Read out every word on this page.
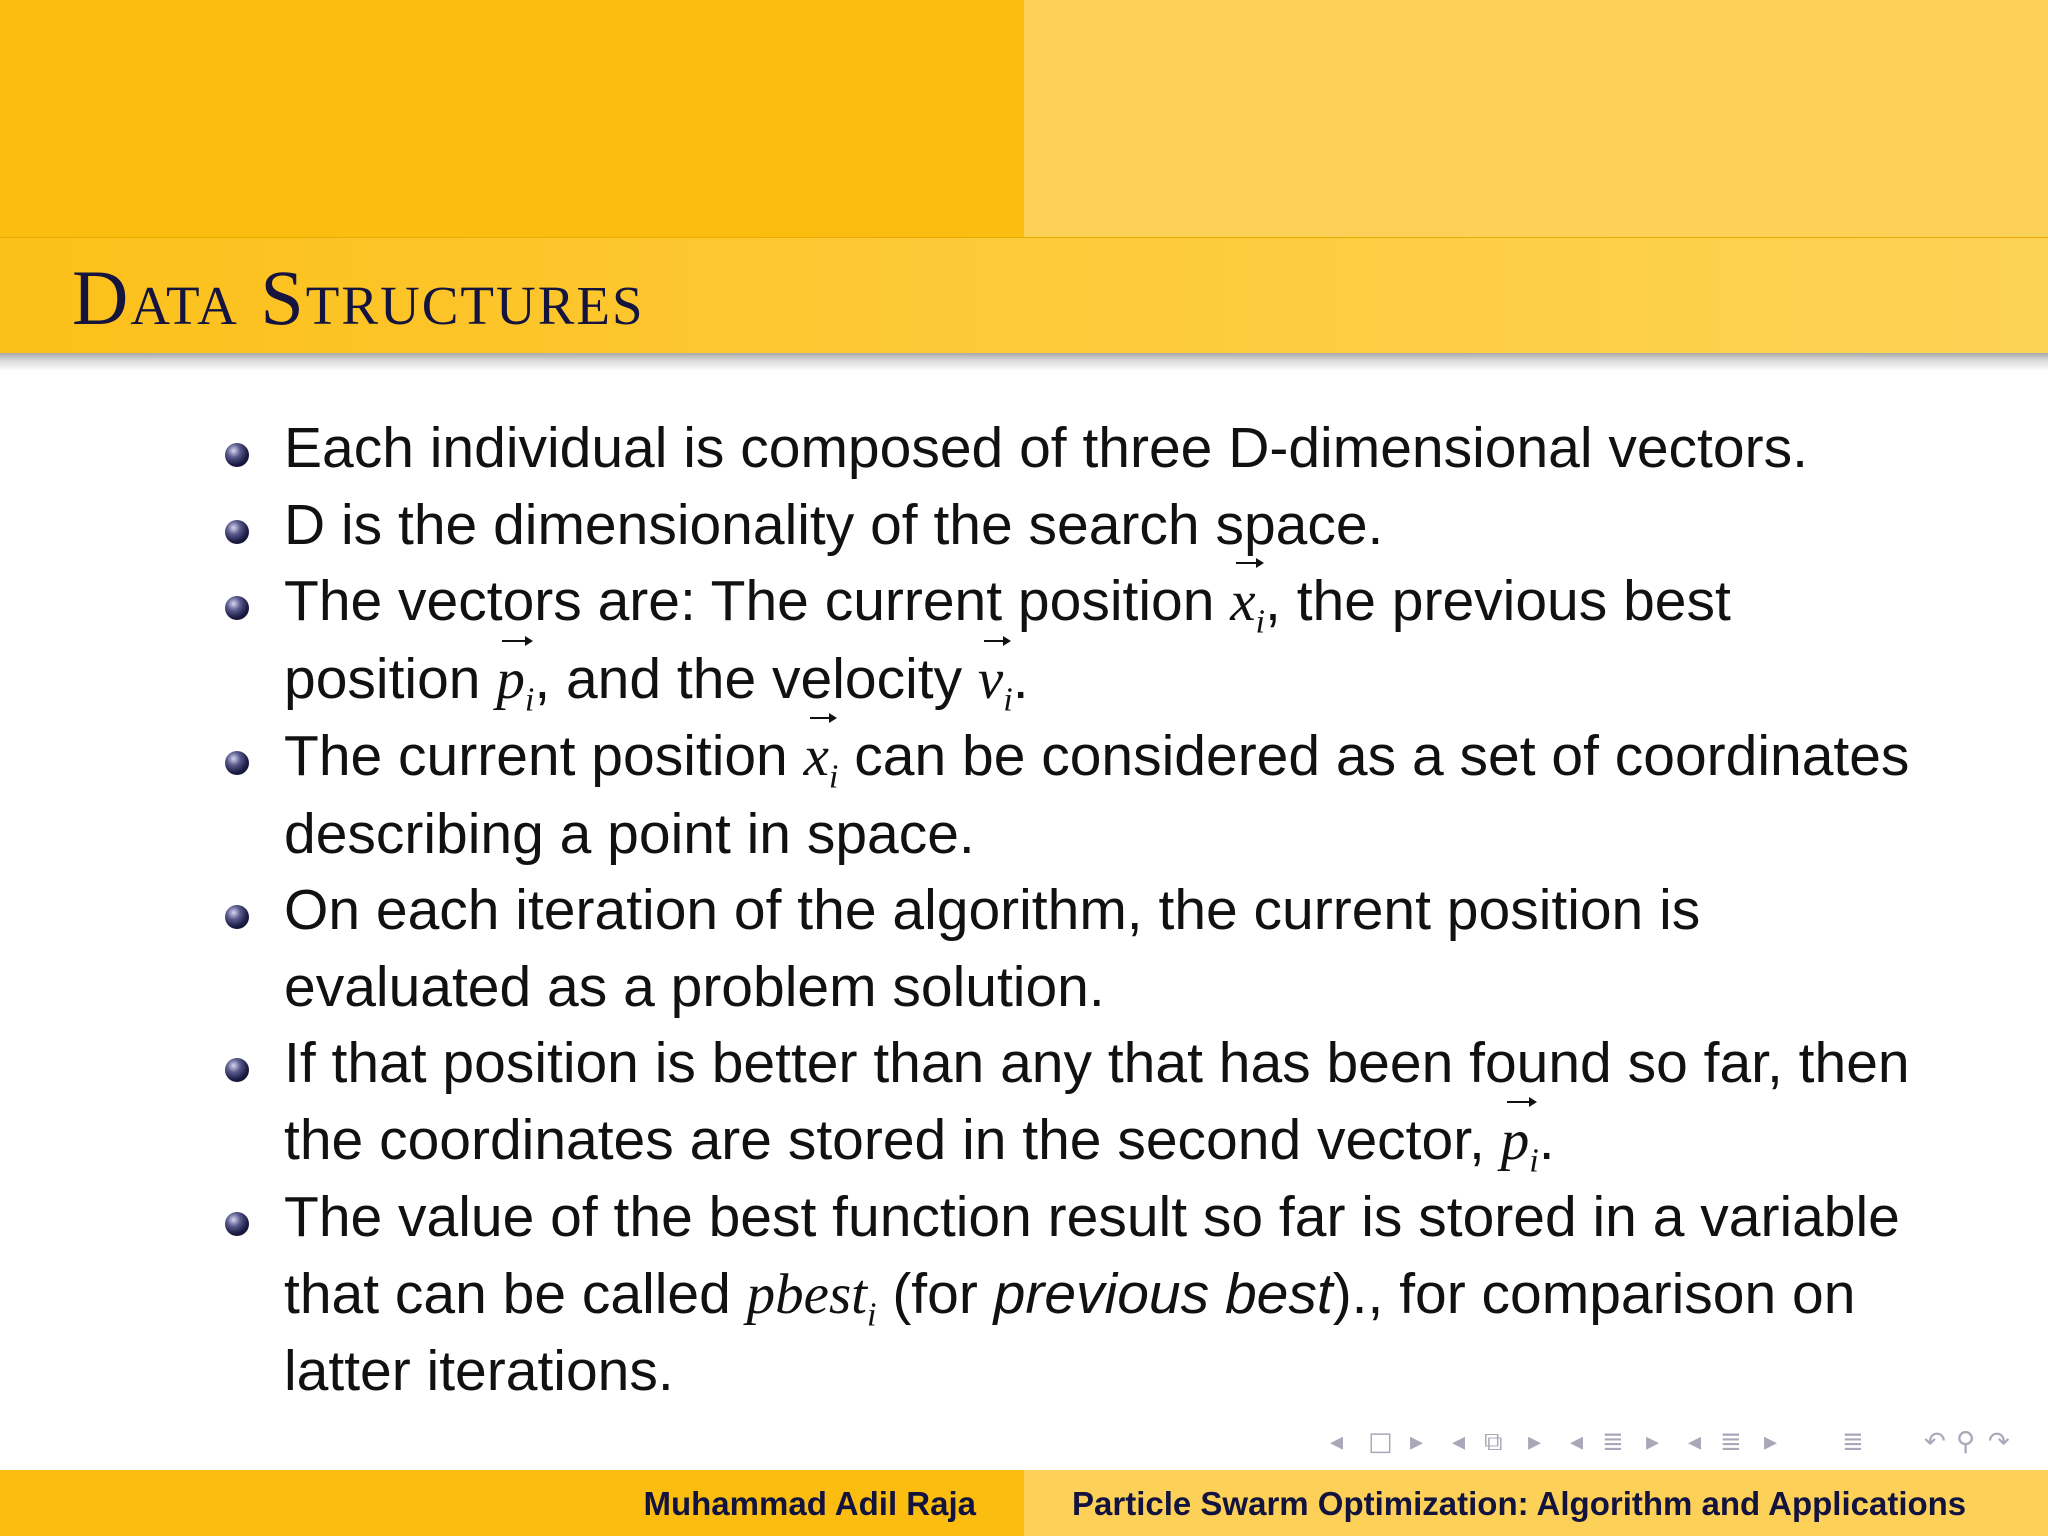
Data Structures
Each individual is composed of three D-dimensional vectors.
D is the dimensionality of the search space.
The vectors are: The current position $x_i$, the previous best position $p_i$, and the velocity $v_i$.
The current position $x_i$ can be considered as a set of coordinates describing a point in space.
On each iteration of the algorithm, the current position is evaluated as a problem solution.
If that position is better than any that has been found so far, then the coordinates are stored in the second vector, $p_i$.
The value of the best function result so far is stored in a variable that can be called pbest$_i$ (for previous best)., for comparison on latter iterations.
◂ □ ▸ ◂ ⧉ ▸ ◂ ≣ ▸ ◂ ≣ ▸ ≣ ↶ ⚲ ↷
Muhammad Adil Raja	Particle Swarm Optimization: Algorithm and Applications
